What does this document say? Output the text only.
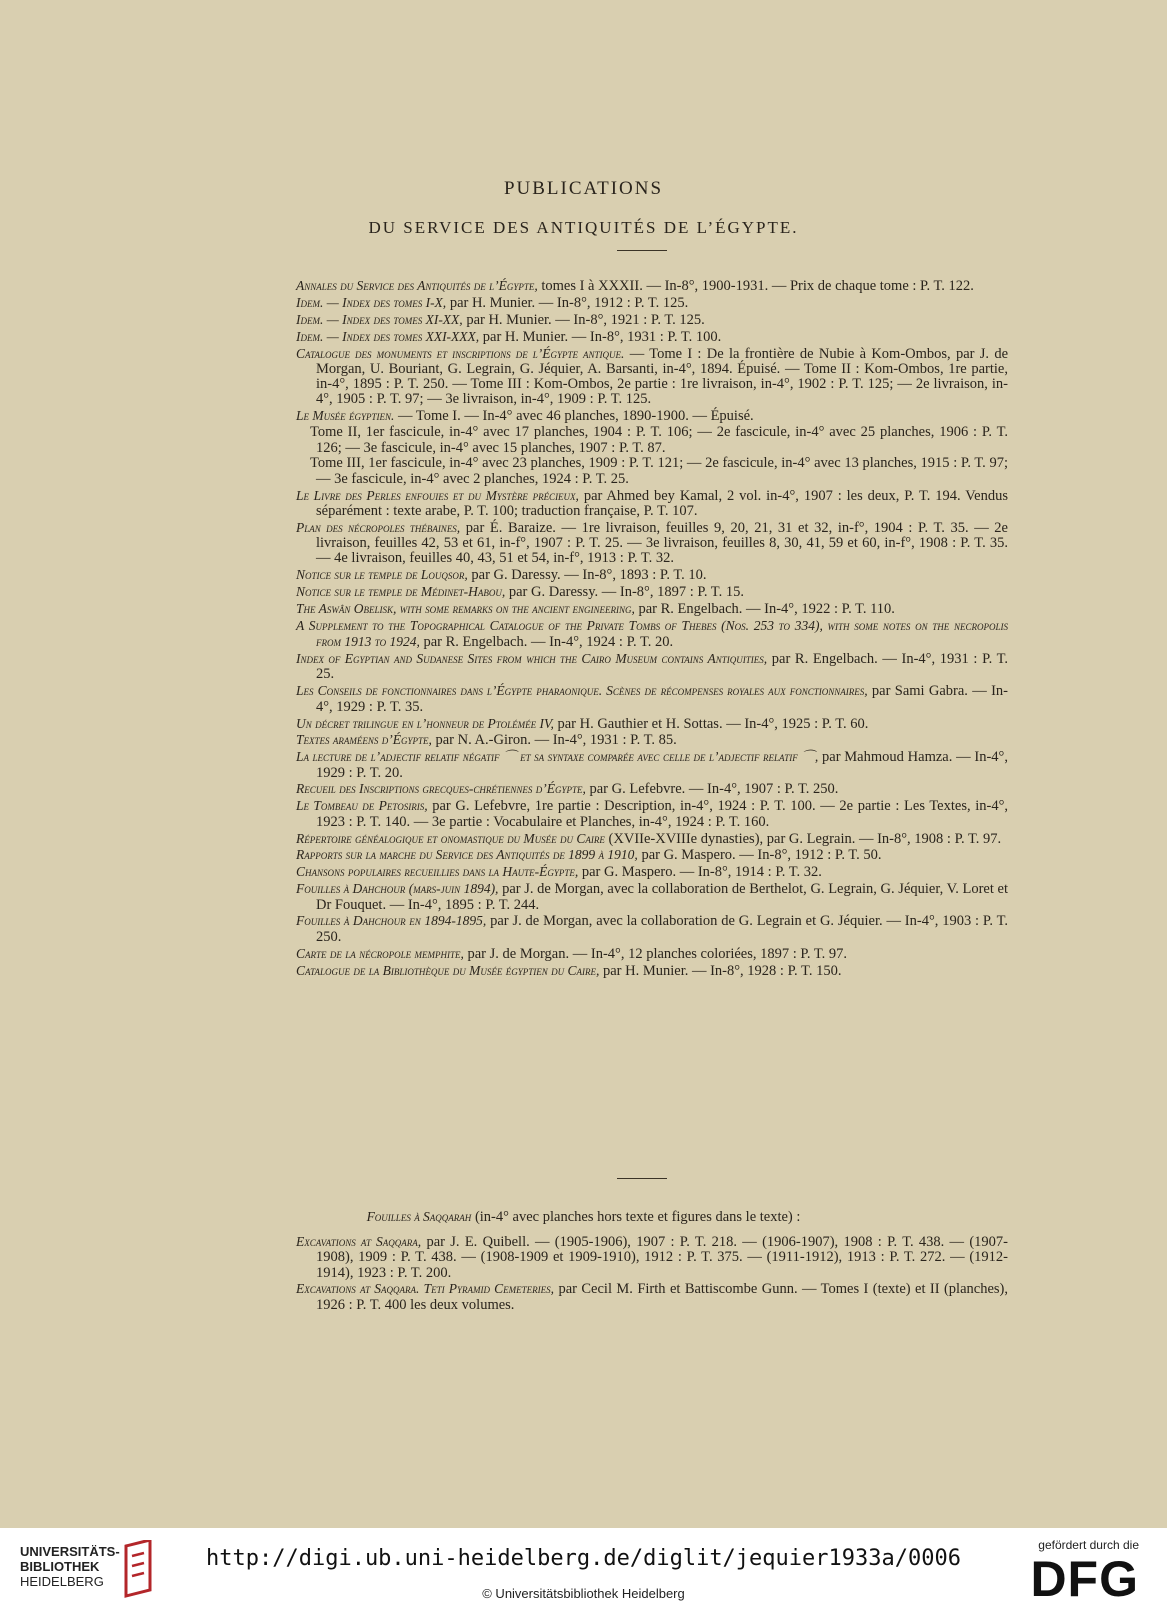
PUBLICATIONS
DU SERVICE DES ANTIQUITÉS DE L’ÉGYPTE.
Annales du Service des Antiquités de l’Égypte, tomes I à XXXII. — In-8°, 1900-1931. — Prix de chaque tome : P. T. 122.
Idem. — Index des tomes I-X, par H. Munier. — In-8°, 1912 : P. T. 125.
Idem. — Index des tomes XI-XX, par H. Munier. — In-8°, 1921 : P. T. 125.
Idem. — Index des tomes XXI-XXX, par H. Munier. — In-8°, 1931 : P. T. 100.
Catalogue des monuments et inscriptions de l’Égypte antique. — Tome I : De la frontière de Nubie à Kom-Ombos, par J. de Morgan, U. Bouriant, G. Legrain, G. Jéquier, A. Barsanti, in-4°, 1894. Épuisé. — Tome II : Kom-Ombos, 1re partie, in-4°, 1895 : P. T. 250. — Tome III : Kom-Ombos, 2e partie : 1re livraison, in-4°, 1902 : P. T. 125; — 2e livraison, in-4°, 1905 : P. T. 97; — 3e livraison, in-4°, 1909 : P. T. 125.
Le Musée égyptien. — Tome I. — In-4° avec 46 planches, 1890-1900. — Épuisé.
Tome II, 1er fascicule, in-4° avec 17 planches, 1904 : P. T. 106; — 2e fascicule, in-4° avec 25 planches, 1906 : P. T. 126; — 3e fascicule, in-4° avec 15 planches, 1907 : P. T. 87.
Tome III, 1er fascicule, in-4° avec 23 planches, 1909 : P. T. 121; — 2e fascicule, in-4° avec 13 planches, 1915 : P. T. 97; — 3e fascicule, in-4° avec 2 planches, 1924 : P. T. 25.
Le Livre des Perles enfouies et du Mystère précieux, par Ahmed bey Kamal, 2 vol. in-4°, 1907 : les deux, P. T. 194. Vendus séparément : texte arabe, P. T. 100; traduction française, P. T. 107.
Plan des nécropoles thébaines, par É. Baraize. — 1re livraison, feuilles 9, 20, 21, 31 et 32, in-f°, 1904 : P. T. 35. — 2e livraison, feuilles 42, 53 et 61, in-f°, 1907 : P. T. 25. — 3e livraison, feuilles 8, 30, 41, 59 et 60, in-f°, 1908 : P. T. 35. — 4e livraison, feuilles 40, 43, 51 et 54, in-f°, 1913 : P. T. 32.
Notice sur le temple de Louqsor, par G. Daressy. — In-8°, 1893 : P. T. 10.
Notice sur le temple de Médinet-Habou, par G. Daressy. — In-8°, 1897 : P. T. 15.
The Aswân Obelisk, with some remarks on the ancient engineering, par R. Engelbach. — In-4°, 1922 : P. T. 110.
A Supplement to the Topographical Catalogue of the Private Tombs of Thebes (Nos. 253 to 334), with some notes on the necropolis from 1913 to 1924, par R. Engelbach. — In-4°, 1924 : P. T. 20.
Index of Egyptian and Sudanese Sites from which the Cairo Museum contains Antiquities, par R. Engelbach. — In-4°, 1931 : P. T. 25.
Les Conseils de fonctionnaires dans l’Égypte pharaonique. Scènes de récompenses royales aux fonctionnaires, par Sami Gabra. — In-4°, 1929 : P. T. 35.
Un décret trilingue en l’honneur de Ptolémée IV, par H. Gauthier et H. Sottas. — In-4°, 1925 : P. T. 60.
Textes araméens d’Égypte, par N. A.-Giron. — In-4°, 1931 : P. T. 85.
La lecture de l’adjectif relatif négatif ⌒ et sa syntaxe comparée avec celle de l’adjectif relatif ⌒, par Mahmoud Hamza. — In-4°, 1929 : P. T. 20.
Recueil des Inscriptions grecques-chrétiennes d’Égypte, par G. Lefebvre. — In-4°, 1907 : P. T. 250.
Le Tombeau de Petosiris, par G. Lefebvre, 1re partie : Description, in-4°, 1924 : P. T. 100. — 2e partie : Les Textes, in-4°, 1923 : P. T. 140. — 3e partie : Vocabulaire et Planches, in-4°, 1924 : P. T. 160.
Répertoire généalogique et onomastique du Musée du Caire (XVIIe-XVIIIe dynasties), par G. Legrain. — In-8°, 1908 : P. T. 97.
Rapports sur la marche du Service des Antiquités de 1899 à 1910, par G. Maspero. — In-8°, 1912 : P. T. 50.
Chansons populaires recueillies dans la Haute-Égypte, par G. Maspero. — In-8°, 1914 : P. T. 32.
Fouilles à Dahchour (mars-juin 1894), par J. de Morgan, avec la collaboration de Berthelot, G. Legrain, G. Jéquier, V. Loret et Dr Fouquet. — In-4°, 1895 : P. T. 244.
Fouilles à Dahchour en 1894-1895, par J. de Morgan, avec la collaboration de G. Legrain et G. Jéquier. — In-4°, 1903 : P. T. 250.
Carte de la nécropole memphite, par J. de Morgan. — In-4°, 12 planches coloriées, 1897 : P. T. 97.
Catalogue de la Bibliothèque du Musée égyptien du Caire, par H. Munier. — In-8°, 1928 : P. T. 150.
Fouilles à Saqqarah (in-4° avec planches hors texte et figures dans le texte) :
Excavations at Saqqara, par J. E. Quibell. — (1905-1906), 1907 : P. T. 218. — (1906-1907), 1908 : P. T. 438. — (1907-1908), 1909 : P. T. 438. — (1908-1909 et 1909-1910), 1912 : P. T. 375. — (1911-1912), 1913 : P. T. 272. — (1912-1914), 1923 : P. T. 200.
Excavations at Saqqara. Teti Pyramid Cemeteries, par Cecil M. Firth et Battiscombe Gunn. — Tomes I (texte) et II (planches), 1926 : P. T. 400 les deux volumes.
UNIVERSITÄTS-
BIBLIOTHEK
HEIDELBERG
http://digi.ub.uni-heidelberg.de/diglit/jequier1933a/0006
© Universitätsbibliothek Heidelberg
gefördert durch die
DFG
